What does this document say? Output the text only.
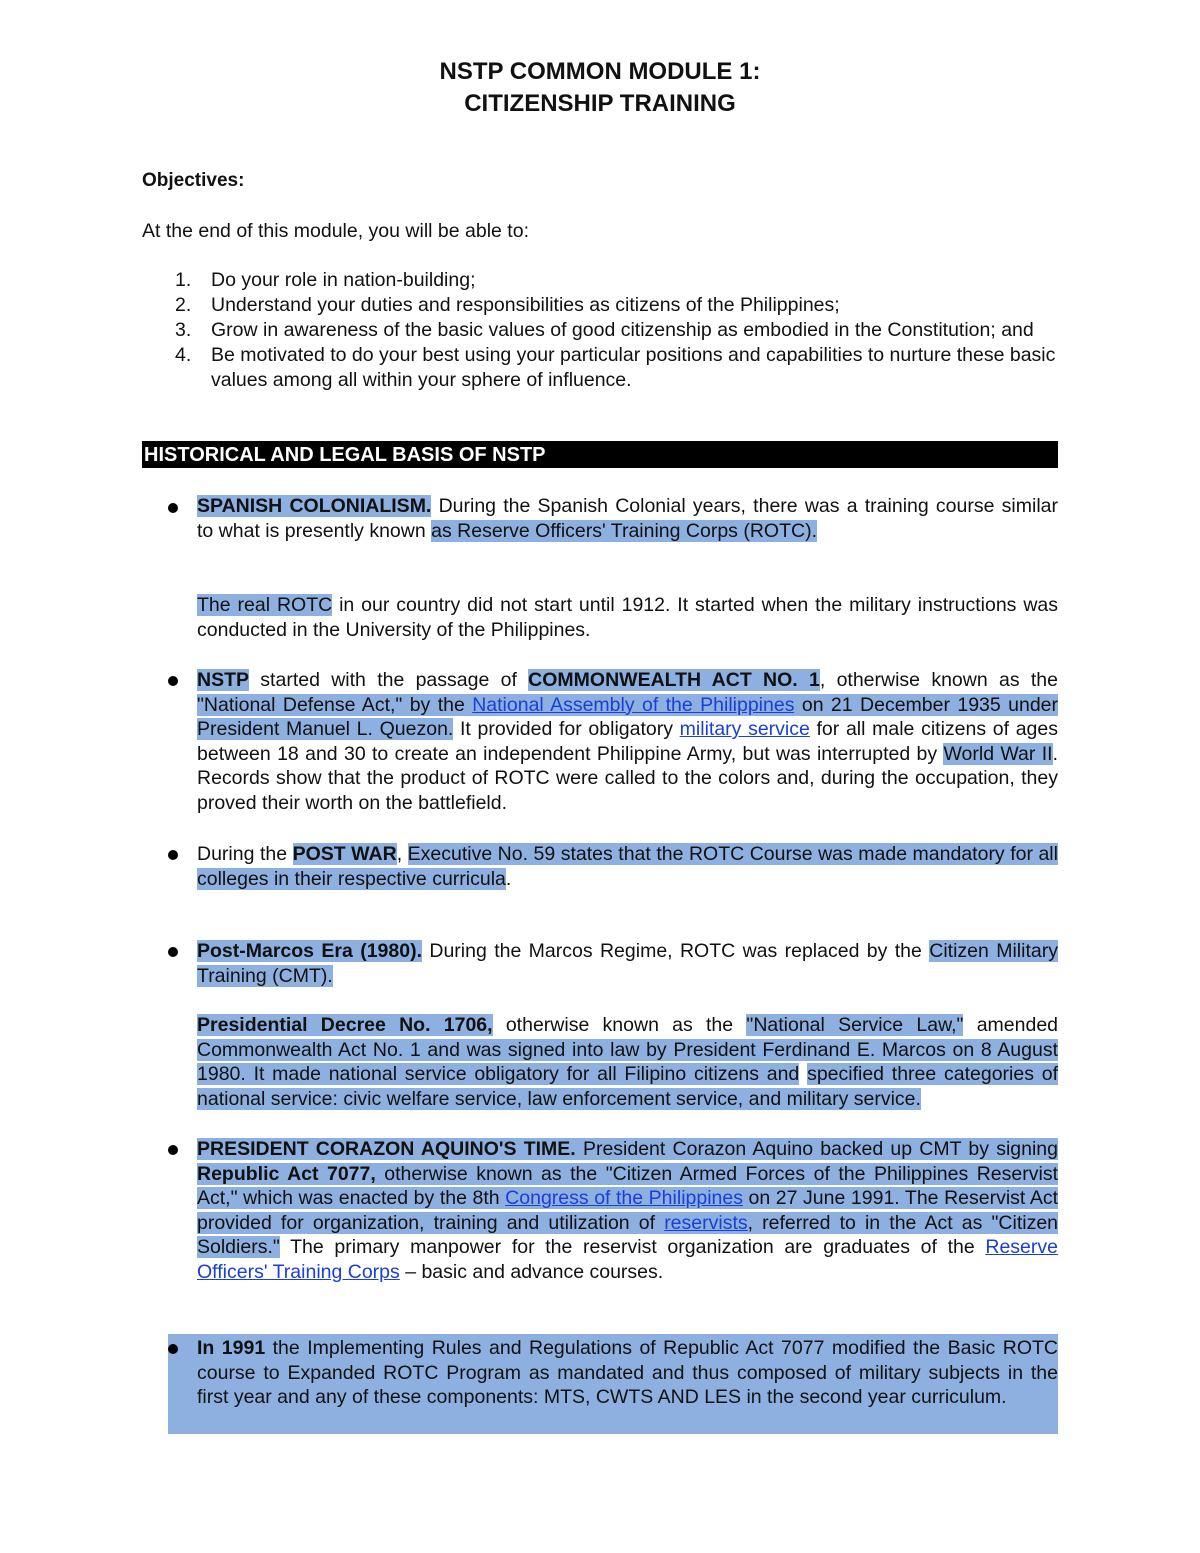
NSTP COMMON MODULE 1:
CITIZENSHIP TRAINING
Objectives:
At the end of this module, you will be able to:
1. Do your role in nation-building;
2. Understand your duties and responsibilities as citizens of the Philippines;
3. Grow in awareness of the basic values of good citizenship as embodied in the Constitution; and
4. Be motivated to do your best using your particular positions and capabilities to nurture these basic values among all within your sphere of influence.
HISTORICAL AND LEGAL BASIS OF NSTP

SPANISH COLONIALISM. During the Spanish Colonial years, there was a training course similar to what is presently known as Reserve Officers' Training Corps (ROTC).

The real ROTC in our country did not start until 1912. It started when the military instructions was conducted in the University of the Philippines.

NSTP started with the passage of COMMONWEALTH ACT NO. 1, otherwise known as the "National Defense Act," by the National Assembly of the Philippines on 21 December 1935 under President Manuel L. Quezon. It provided for obligatory military service for all male citizens of ages between 18 and 30 to create an independent Philippine Army, but was interrupted by World War II. Records show that the product of ROTC were called to the colors and, during the occupation, they proved their worth on the battlefield.

During the POST WAR, Executive No. 59 states that the ROTC Course was made mandatory for all colleges in their respective curricula.

Post-Marcos Era (1980). During the Marcos Regime, ROTC was replaced by the Citizen Military Training (CMT).

Presidential Decree No. 1706, otherwise known as the "National Service Law," amended Commonwealth Act No. 1 and was signed into law by President Ferdinand E. Marcos on 8 August 1980. It made national service obligatory for all Filipino citizens and specified three categories of national service: civic welfare service, law enforcement service, and military service.

PRESIDENT CORAZON AQUINO'S TIME. President Corazon Aquino backed up CMT by signing Republic Act 7077, otherwise known as the "Citizen Armed Forces of the Philippines Reservist Act," which was enacted by the 8th Congress of the Philippines on 27 June 1991. The Reservist Act provided for organization, training and utilization of reservists, referred to in the Act as "Citizen Soldiers." The primary manpower for the reservist organization are graduates of the Reserve Officers' Training Corps – basic and advance courses.

In 1991 the Implementing Rules and Regulations of Republic Act 7077 modified the Basic ROTC course to Expanded ROTC Program as mandated and thus composed of military subjects in the first year and any of these components: MTS, CWTS AND LES in the second year curriculum.
